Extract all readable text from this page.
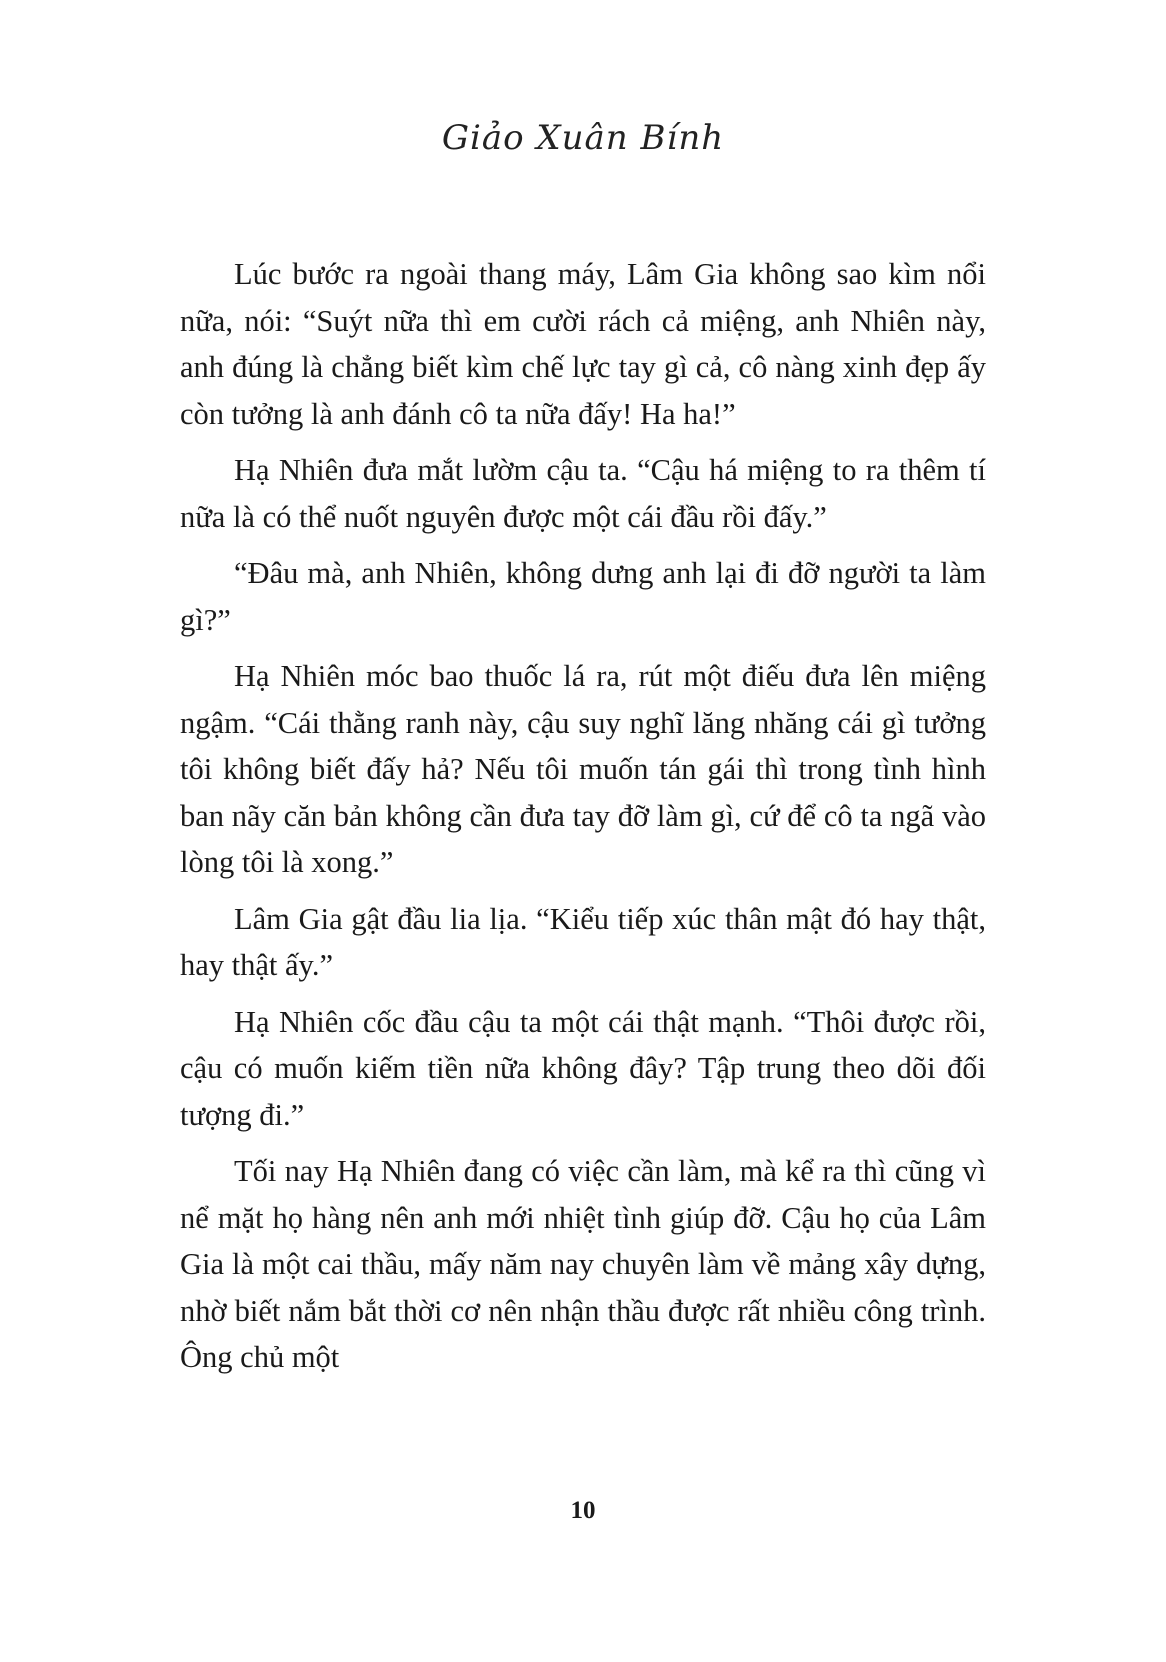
Giảo Xuân Bính

Lúc bước ra ngoài thang máy, Lâm Gia không sao kìm nổi nữa, nói: “Suýt nữa thì em cười rách cả miệng, anh Nhiên này, anh đúng là chẳng biết kìm chế lực tay gì cả, cô nàng xinh đẹp ấy còn tưởng là anh đánh cô ta nữa đấy! Ha ha!”

Hạ Nhiên đưa mắt lườm cậu ta. “Cậu há miệng to ra thêm tí nữa là có thể nuốt nguyên được một cái đầu rồi đấy.”

“Đâu mà, anh Nhiên, không dưng anh lại đi đỡ người ta làm gì?”

Hạ Nhiên móc bao thuốc lá ra, rút một điếu đưa lên miệng ngậm. “Cái thằng ranh này, cậu suy nghĩ lăng nhăng cái gì tưởng tôi không biết đấy hả? Nếu tôi muốn tán gái thì trong tình hình ban nãy căn bản không cần đưa tay đỡ làm gì, cứ để cô ta ngã vào lòng tôi là xong.”

Lâm Gia gật đầu lia lịa. “Kiểu tiếp xúc thân mật đó hay thật, hay thật ấy.”

Hạ Nhiên cốc đầu cậu ta một cái thật mạnh. “Thôi được rồi, cậu có muốn kiếm tiền nữa không đây? Tập trung theo dõi đối tượng đi.”

Tối nay Hạ Nhiên đang có việc cần làm, mà kể ra thì cũng vì nể mặt họ hàng nên anh mới nhiệt tình giúp đỡ. Cậu họ của Lâm Gia là một cai thầu, mấy năm nay chuyên làm về mảng xây dựng, nhờ biết nắm bắt thời cơ nên nhận thầu được rất nhiều công trình. Ông chủ một

10
